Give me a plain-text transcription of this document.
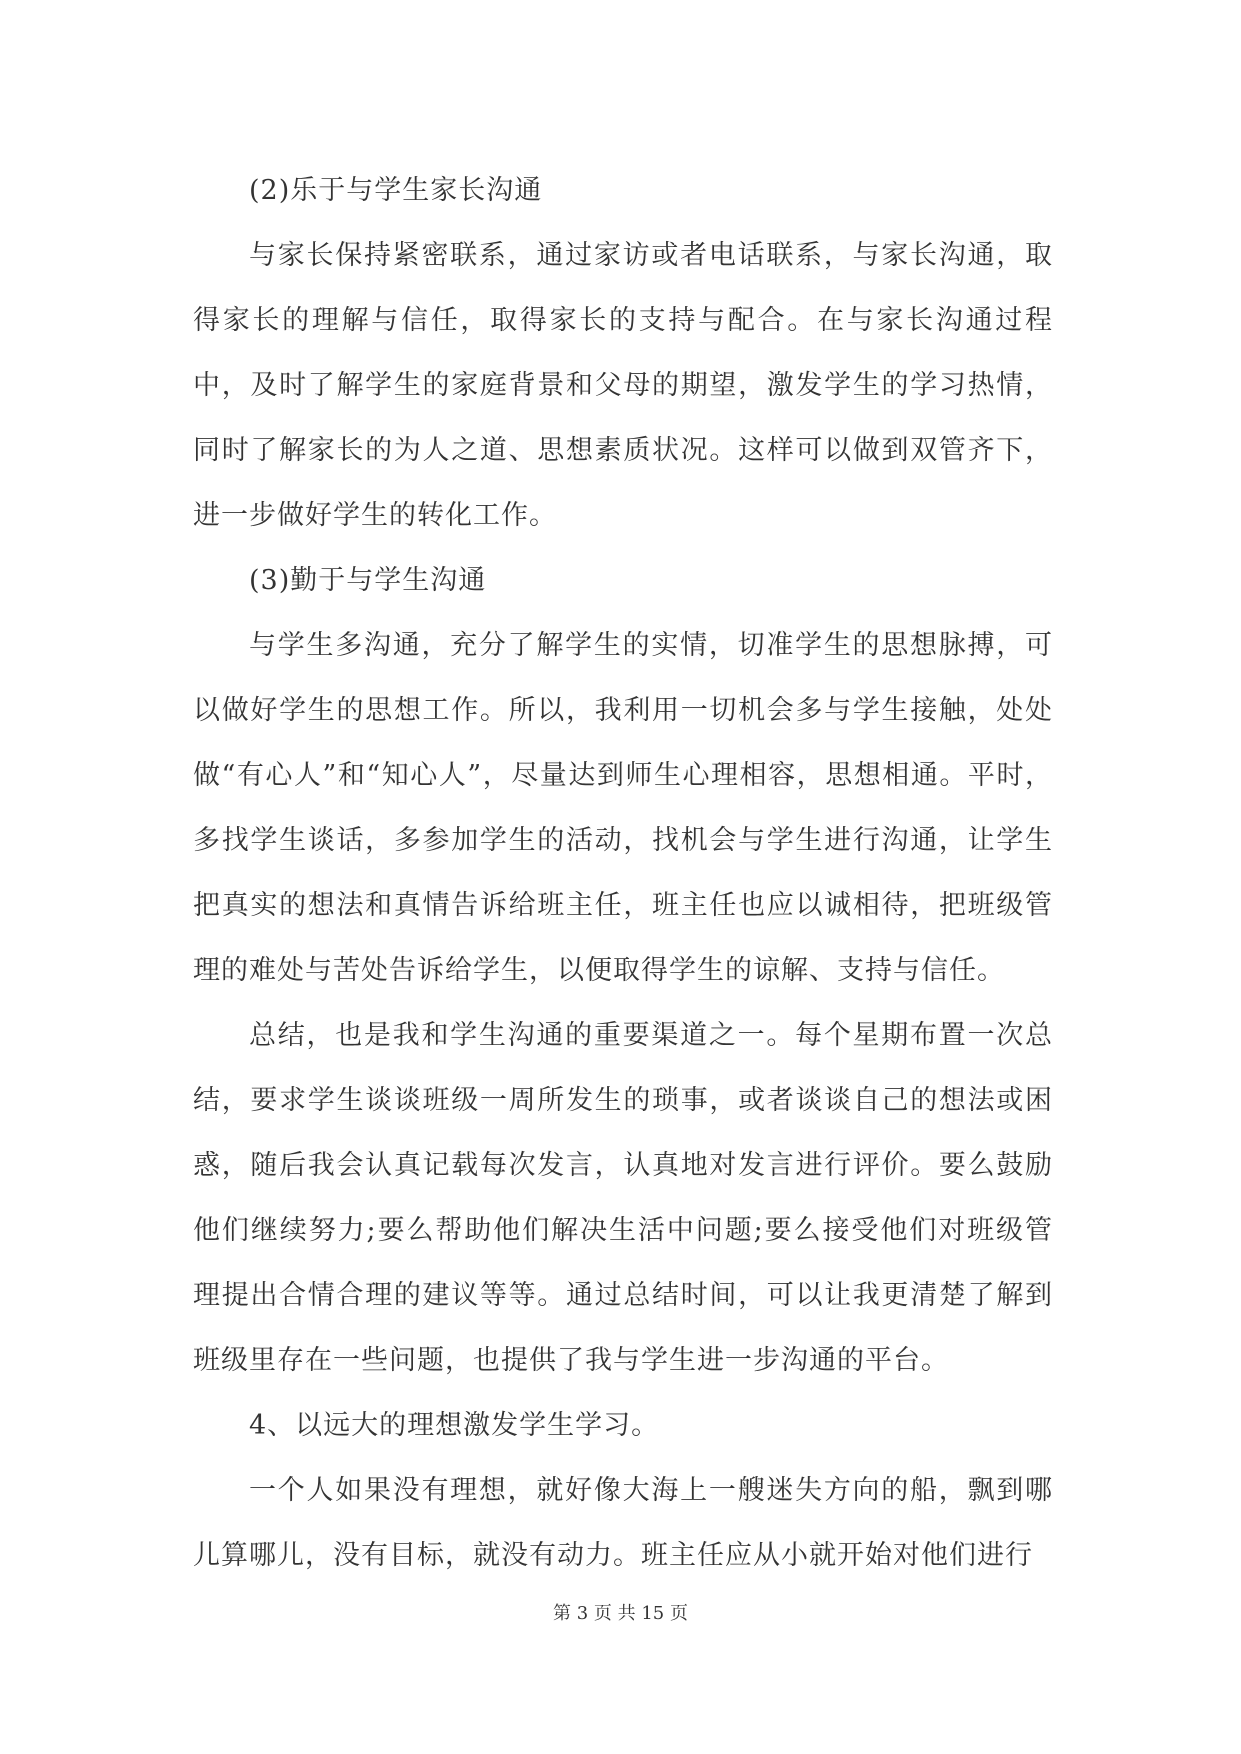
(2)乐于与学生家长沟通

与家长保持紧密联系，通过家访或者电话联系，与家长沟通，取得家长的理解与信任，取得家长的支持与配合。在与家长沟通过程中，及时了解学生的家庭背景和父母的期望，激发学生的学习热情，同时了解家长的为人之道、思想素质状况。这样可以做到双管齐下，进一步做好学生的转化工作。

(3)勤于与学生沟通

与学生多沟通，充分了解学生的实情，切准学生的思想脉搏，可以做好学生的思想工作。所以，我利用一切机会多与学生接触，处处做“有心人”和“知心人”，尽量达到师生心理相容，思想相通。平时，多找学生谈话，多参加学生的活动，找机会与学生进行沟通，让学生把真实的想法和真情告诉给班主任，班主任也应以诚相待，把班级管理的难处与苦处告诉给学生，以便取得学生的谅解、支持与信任。

总结，也是我和学生沟通的重要渠道之一。每个星期布置一次总结，要求学生谈谈班级一周所发生的琐事，或者谈谈自己的想法或困惑，随后我会认真记载每次发言，认真地对发言进行评价。要么鼓励他们继续努力;要么帮助他们解决生活中问题;要么接受他们对班级管理提出合情合理的建议等等。通过总结时间，可以让我更清楚了解到班级里存在一些问题，也提供了我与学生进一步沟通的平台。

4、以远大的理想激发学生学习。

一个人如果没有理想，就好像大海上一艘迷失方向的船，飘到哪儿算哪儿，没有目标，就没有动力。班主任应从小就开始对他们进行

第 3 页 共 15 页
